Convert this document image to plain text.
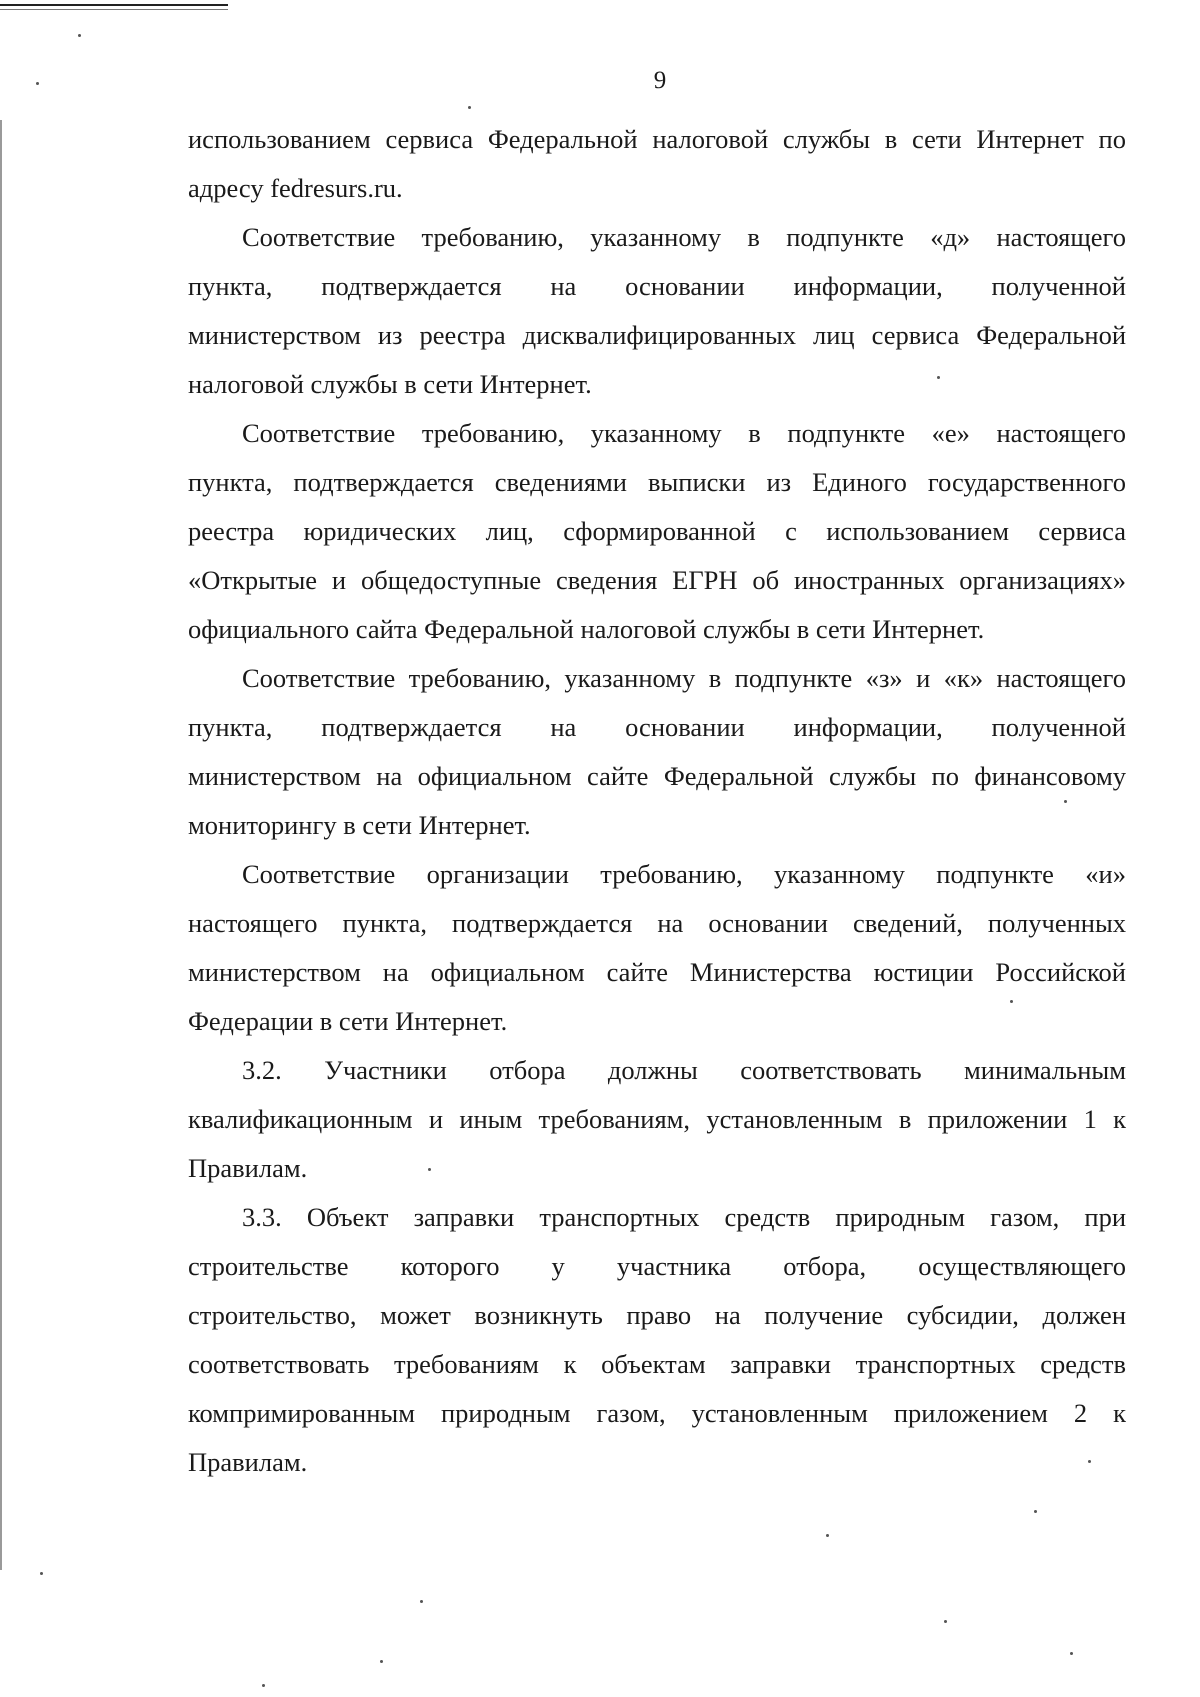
9

использованием сервиса Федеральной налоговой службы в сети Интернет по
адресу fedresurs.ru.

Соответствие требованию, указанному в подпункте «д» настоящего
пункта, подтверждается на основании информации, полученной
министерством из реестра дисквалифицированных лиц сервиса Федеральной
налоговой службы в сети Интернет.

Соответствие требованию, указанному в подпункте «е» настоящего
пункта, подтверждается сведениями выписки из Единого государственного
реестра юридических лиц, сформированной с использованием сервиса
«Открытые и общедоступные сведения ЕГРН об иностранных организациях»
официального сайта Федеральной налоговой службы в сети Интернет.

Соответствие требованию, указанному в подпункте «з» и «к» настоящего
пункта, подтверждается на основании информации, полученной
министерством на официальном сайте Федеральной службы по финансовому
мониторингу в сети Интернет.

Соответствие организации требованию, указанному подпункте «и»
настоящего пункта, подтверждается на основании сведений, полученных
министерством на официальном сайте Министерства юстиции Российской
Федерации в сети Интернет.

3.2. Участники отбора должны соответствовать минимальным
квалификационным и иным требованиям, установленным в приложении 1 к
Правилам.

3.3. Объект заправки транспортных средств природным газом, при
строительстве которого у участника отбора, осуществляющего
строительство, может возникнуть право на получение субсидии, должен
соответствовать требованиям к объектам заправки транспортных средств
компримированным природным газом, установленным приложением 2 к
Правилам.
